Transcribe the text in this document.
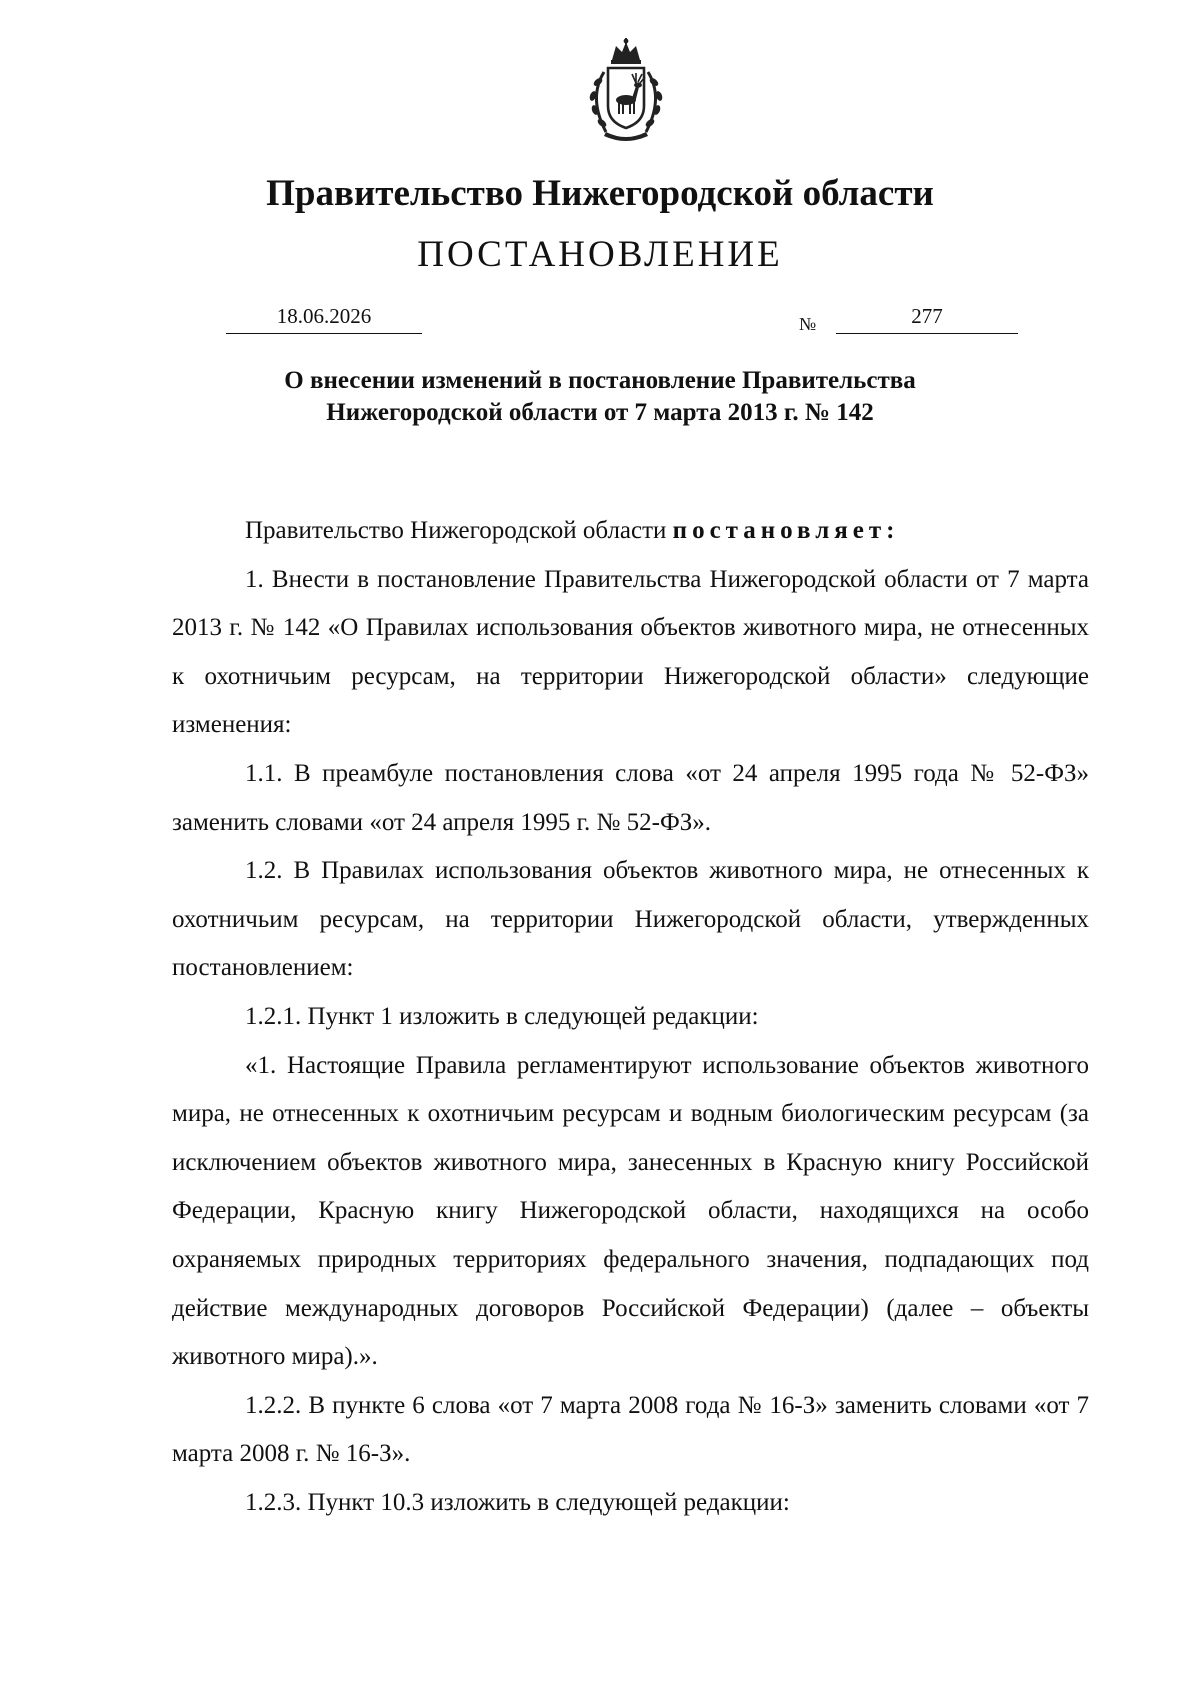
Правительство Нижегородской области
ПОСТАНОВЛЕНИЕ
18.06.2026	№	277
О внесении изменений в постановление Правительства
Нижегородской области от 7 марта 2013 г. № 142

Правительство Нижегородской области постановляет:

1. Внести в постановление Правительства Нижегородской области от 7 марта 2013 г. № 142 «О Правилах использования объектов животного мира, не отнесенных к охотничьим ресурсам, на территории Нижегородской области» следующие изменения:

1.1. В преамбуле постановления слова «от 24 апреля 1995 года № 52-ФЗ» заменить словами «от 24 апреля 1995 г. № 52-ФЗ».

1.2. В Правилах использования объектов животного мира, не отнесенных к охотничьим ресурсам, на территории Нижегородской области, утвержденных постановлением:

1.2.1. Пункт 1 изложить в следующей редакции:

«1. Настоящие Правила регламентируют использование объектов животного мира, не отнесенных к охотничьим ресурсам и водным биологическим ресурсам (за исключением объектов животного мира, занесенных в Красную книгу Российской Федерации, Красную книгу Нижегородской области, находящихся на особо охраняемых природных территориях федерального значения, подпадающих под действие международных договоров Российской Федерации) (далее – объекты животного мира).».

1.2.2. В пункте 6 слова «от 7 марта 2008 года № 16-З» заменить словами «от 7 марта 2008 г. № 16-З».

1.2.3. Пункт 10.3 изложить в следующей редакции:
